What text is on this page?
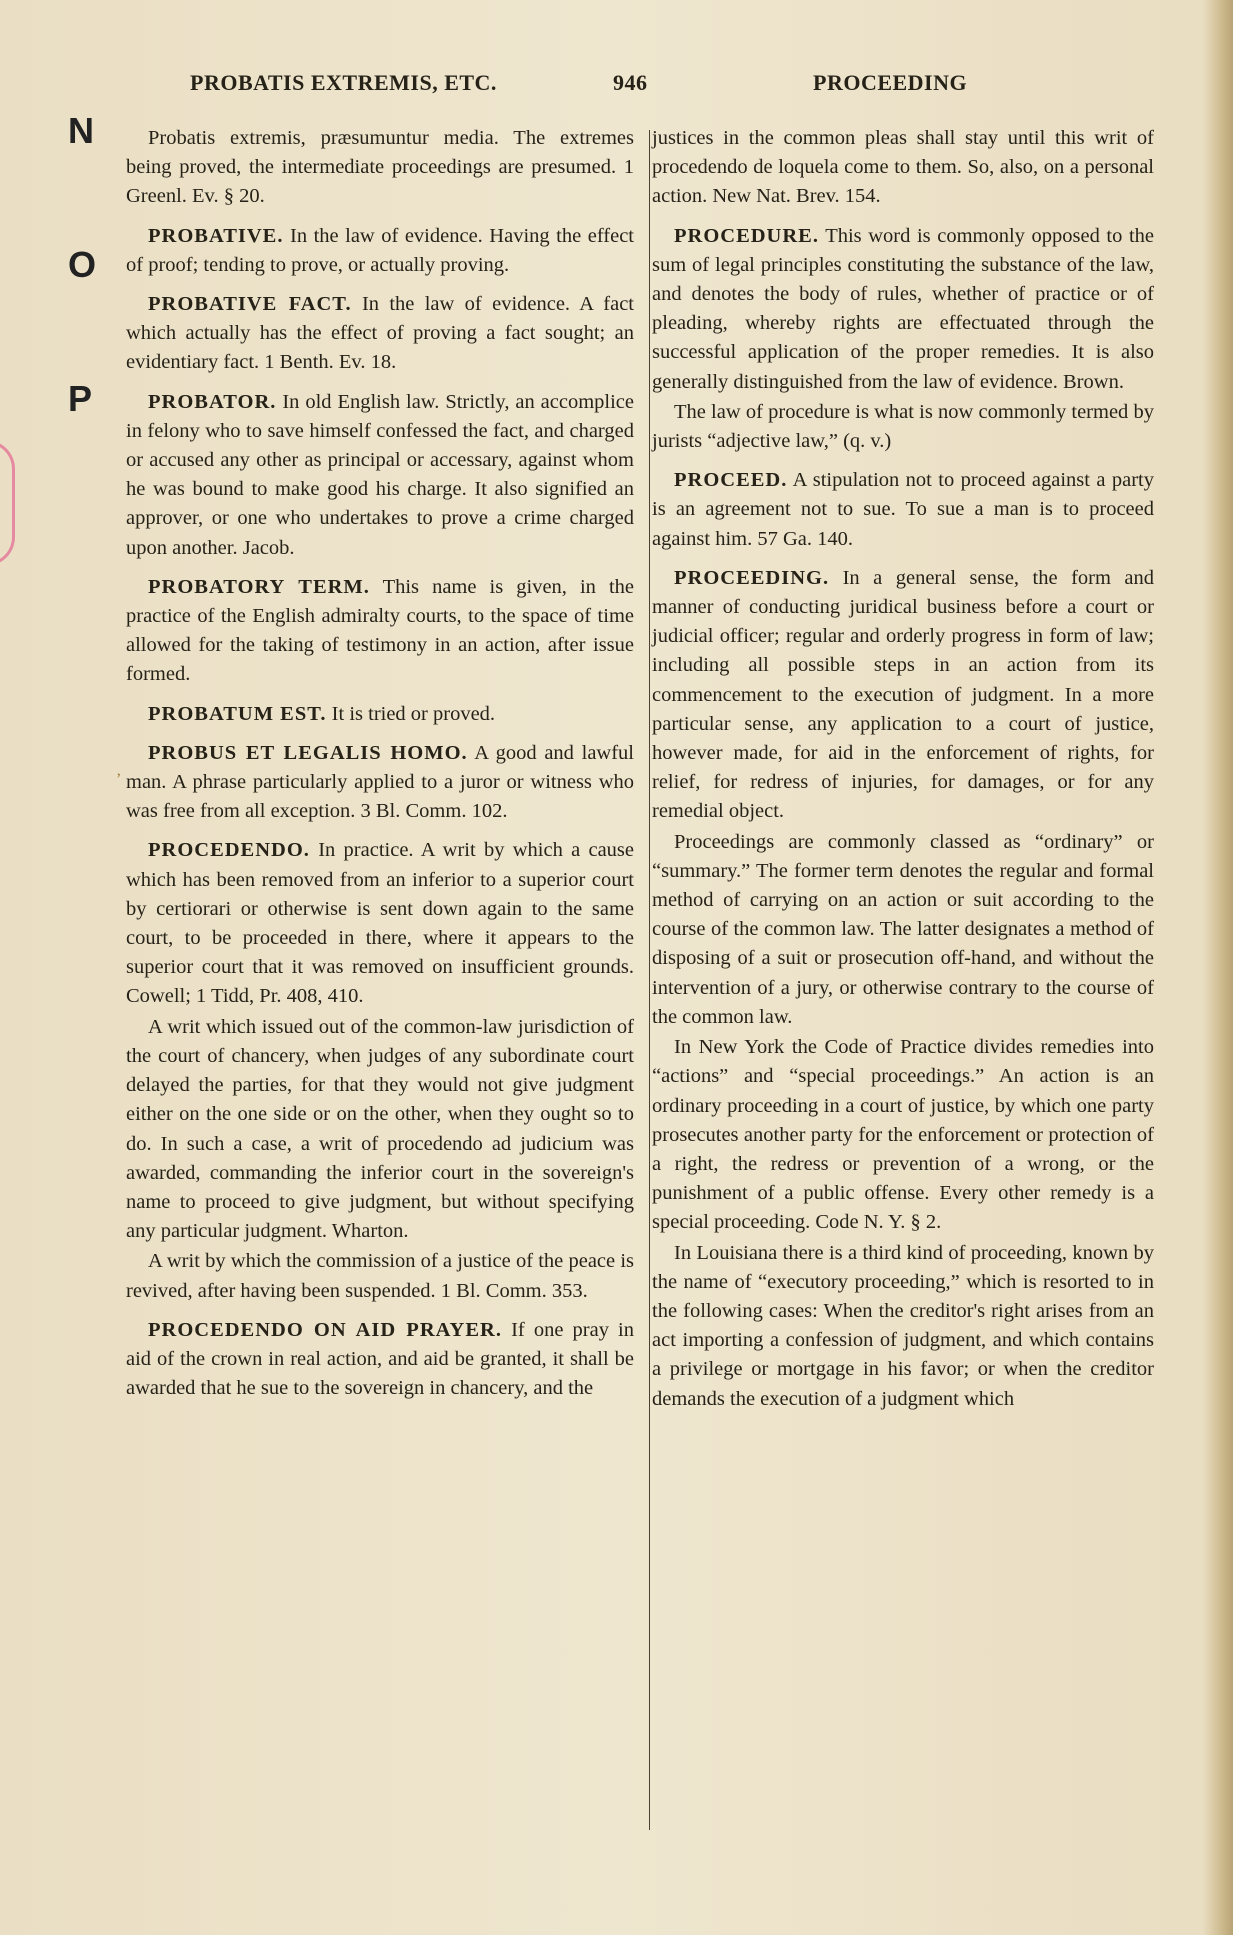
N
O
P
PROBATIS EXTREMIS, ETC.	946	PROCEEDING
’

Probatis extremis, præsumuntur media. The extremes being proved, the intermediate proceedings are presumed. 1 Greenl. Ev. § 20.

PROBATIVE. In the law of evidence. Having the effect of proof; tending to prove, or actually proving.

PROBATIVE FACT. In the law of evidence. A fact which actually has the effect of proving a fact sought; an evidentiary fact. 1 Benth. Ev. 18.

PROBATOR. In old English law. Strictly, an accomplice in felony who to save himself confessed the fact, and charged or accused any other as principal or accessary, against whom he was bound to make good his charge. It also signified an approver, or one who undertakes to prove a crime charged upon another. Jacob.

PROBATORY TERM. This name is given, in the practice of the English admiralty courts, to the space of time allowed for the taking of testimony in an action, after issue formed.

PROBATUM EST. It is tried or proved.

PROBUS ET LEGALIS HOMO. A good and lawful man. A phrase particularly applied to a juror or witness who was free from all exception. 3 Bl. Comm. 102.

PROCEDENDO. In practice. A writ by which a cause which has been removed from an inferior to a superior court by certiorari or otherwise is sent down again to the same court, to be proceeded in there, where it appears to the superior court that it was removed on insufficient grounds. Cowell; 1 Tidd, Pr. 408, 410.

A writ which issued out of the common-law jurisdiction of the court of chancery, when judges of any subordinate court delayed the parties, for that they would not give judgment either on the one side or on the other, when they ought so to do. In such a case, a writ of procedendo ad judicium was awarded, commanding the inferior court in the sovereign's name to proceed to give judgment, but without specifying any particular judgment. Wharton.

A writ by which the commission of a justice of the peace is revived, after having been suspended. 1 Bl. Comm. 353.

PROCEDENDO ON AID PRAYER. If one pray in aid of the crown in real action, and aid be granted, it shall be awarded that he sue to the sovereign in chancery, and the

justices in the common pleas shall stay until this writ of procedendo de loquela come to them. So, also, on a personal action. New Nat. Brev. 154.

PROCEDURE. This word is commonly opposed to the sum of legal principles constituting the substance of the law, and denotes the body of rules, whether of practice or of pleading, whereby rights are effectuated through the successful application of the proper remedies. It is also generally distinguished from the law of evidence. Brown.

The law of procedure is what is now commonly termed by jurists “adjective law,” (q. v.)

PROCEED. A stipulation not to proceed against a party is an agreement not to sue. To sue a man is to proceed against him. 57 Ga. 140.

PROCEEDING. In a general sense, the form and manner of conducting juridical business before a court or judicial officer; regular and orderly progress in form of law; including all possible steps in an action from its commencement to the execution of judgment. In a more particular sense, any application to a court of justice, however made, for aid in the enforcement of rights, for relief, for redress of injuries, for damages, or for any remedial object.

Proceedings are commonly classed as “ordinary” or “summary.” The former term denotes the regular and formal method of carrying on an action or suit according to the course of the common law. The latter designates a method of disposing of a suit or prosecution off-hand, and without the intervention of a jury, or otherwise contrary to the course of the common law.

In New York the Code of Practice divides remedies into “actions” and “special proceedings.” An action is an ordinary proceeding in a court of justice, by which one party prosecutes another party for the enforcement or protection of a right, the redress or prevention of a wrong, or the punishment of a public offense. Every other remedy is a special proceeding. Code N. Y. § 2.

In Louisiana there is a third kind of proceeding, known by the name of “executory proceeding,” which is resorted to in the following cases: When the creditor's right arises from an act importing a confession of judgment, and which contains a privilege or mortgage in his favor; or when the creditor demands the execution of a judgment which
